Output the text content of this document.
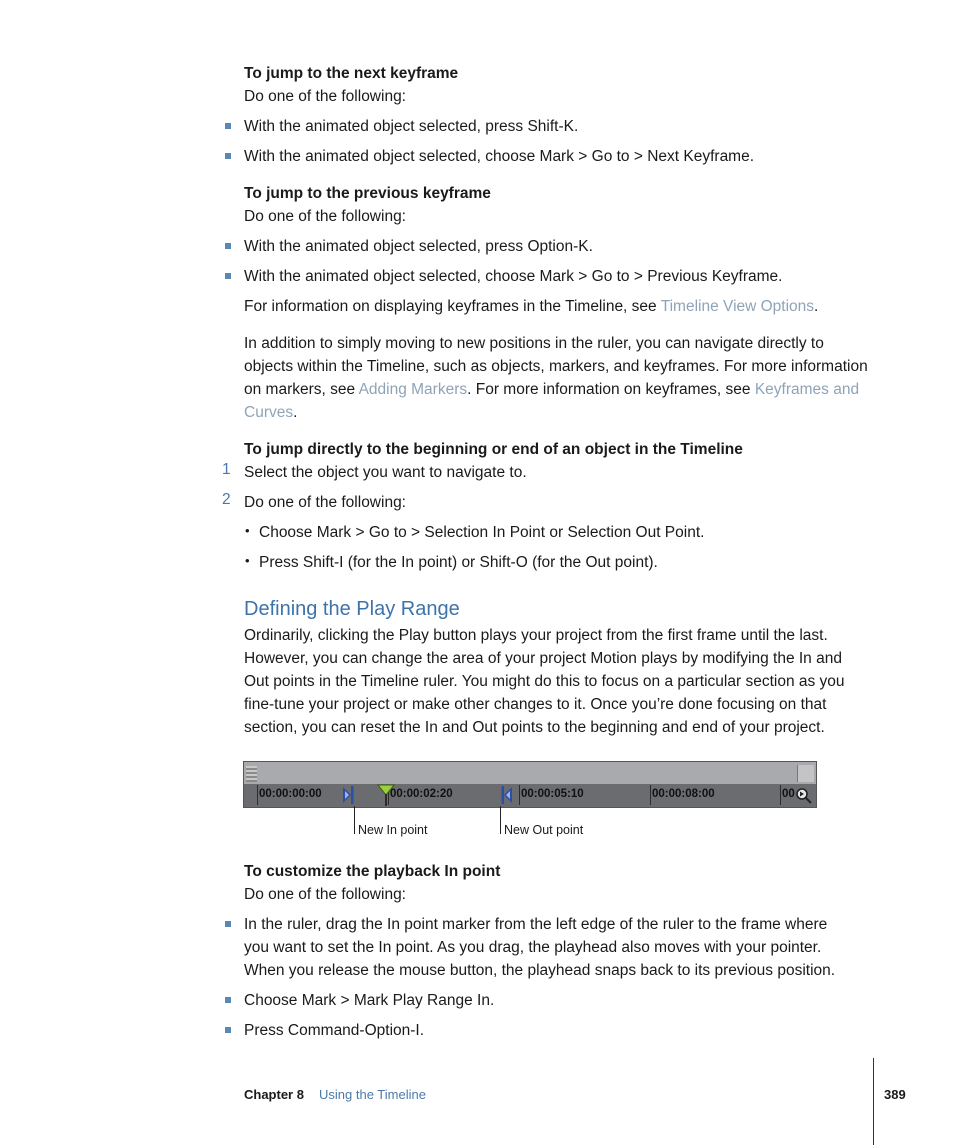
To jump to the next keyframe
Do one of the following:
With the animated object selected, press Shift-K.
With the animated object selected, choose Mark > Go to > Next Keyframe.
To jump to the previous keyframe
Do one of the following:
With the animated object selected, press Option-K.
With the animated object selected, choose Mark > Go to > Previous Keyframe.
For information on displaying keyframes in the Timeline, see Timeline View Options.
In addition to simply moving to new positions in the ruler, you can navigate directly to
objects within the Timeline, such as objects, markers, and keyframes. For more information
on markers, see Adding Markers. For more information on keyframes, see Keyframes and
Curves.
To jump directly to the beginning or end of an object in the Timeline
1 Select the object you want to navigate to.
2 Do one of the following:
• Choose Mark > Go to > Selection In Point or Selection Out Point.
• Press Shift-I (for the In point) or Shift-O (for the Out point).
Defining the Play Range
Ordinarily, clicking the Play button plays your project from the first frame until the last.
However, you can change the area of your project Motion plays by modifying the In and
Out points in the Timeline ruler. You might do this to focus on a particular section as you
fine-tune your project or make other changes to it. Once you’re done focusing on that
section, you can reset the In and Out points to the beginning and end of your project.
00:00:00:00	00:00:02:20	00:00:05:10	00:00:08:00	00
New In point	New Out point
To customize the playback In point
Do one of the following:
In the ruler, drag the In point marker from the left edge of the ruler to the frame where
you want to set the In point. As you drag, the playhead also moves with your pointer.
When you release the mouse button, the playhead snaps back to its previous position.
Choose Mark > Mark Play Range In.
Press Command-Option-I.
Chapter 8 Using the Timeline	389
